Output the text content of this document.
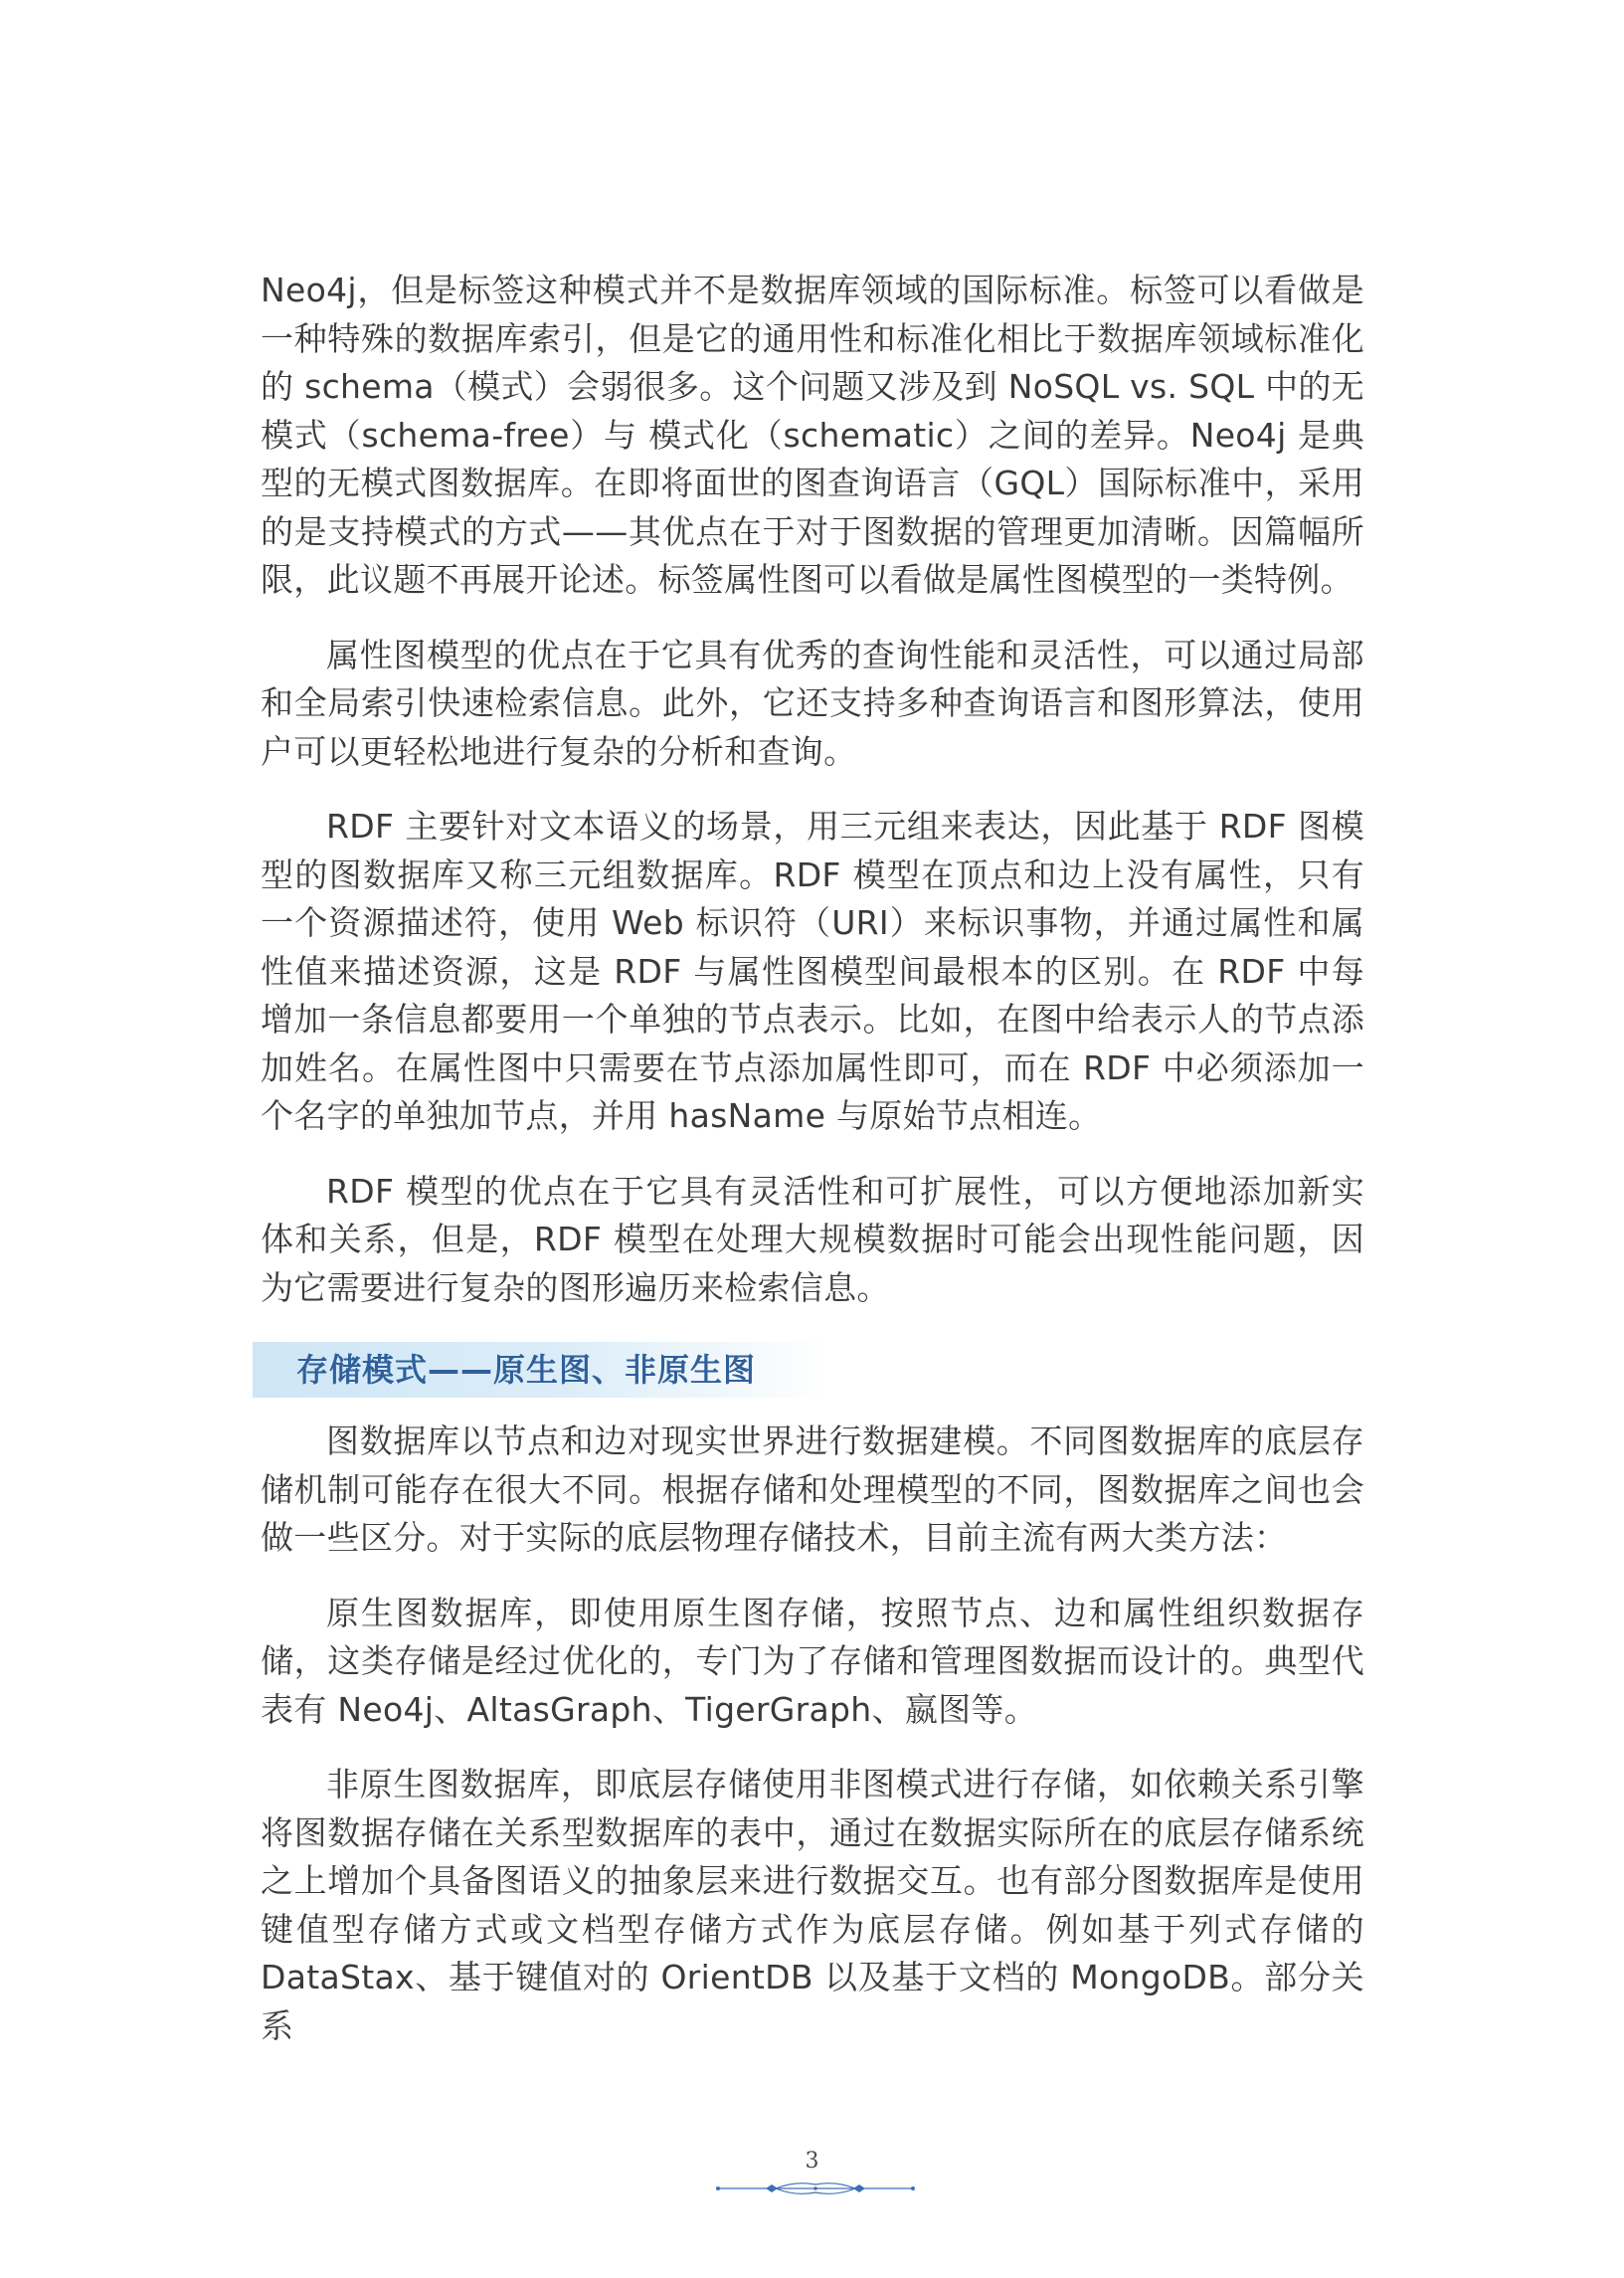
Neo4j，但是标签这种模式并不是数据库领域的国际标准。标签可以看做是一种特殊的数据库索引，但是它的通用性和标准化相比于数据库领域标准化的 schema（模式）会弱很多。这个问题又涉及到 NoSQL vs. SQL 中的无模式（schema-free）与 模式化（schematic）之间的差异。Neo4j 是典型的无模式图数据库。在即将面世的图查询语言（GQL）国际标准中，采用的是支持模式的方式——其优点在于对于图数据的管理更加清晰。因篇幅所限，此议题不再展开论述。标签属性图可以看做是属性图模型的一类特例。

属性图模型的优点在于它具有优秀的查询性能和灵活性，可以通过局部和全局索引快速检索信息。此外，它还支持多种查询语言和图形算法，使用户可以更轻松地进行复杂的分析和查询。

RDF 主要针对文本语义的场景，用三元组来表达，因此基于 RDF 图模型的图数据库又称三元组数据库。RDF 模型在顶点和边上没有属性，只有一个资源描述符，使用 Web 标识符（URI）来标识事物，并通过属性和属性值来描述资源，这是 RDF 与属性图模型间最根本的区别。在 RDF 中每增加一条信息都要用一个单独的节点表示。比如，在图中给表示人的节点添加姓名。在属性图中只需要在节点添加属性即可，而在 RDF 中必须添加一个名字的单独加节点，并用 hasName 与原始节点相连。

RDF 模型的优点在于它具有灵活性和可扩展性，可以方便地添加新实体和关系，但是，RDF 模型在处理大规模数据时可能会出现性能问题，因为它需要进行复杂的图形遍历来检索信息。

存储模式——原生图、非原生图

图数据库以节点和边对现实世界进行数据建模。不同图数据库的底层存储机制可能存在很大不同。根据存储和处理模型的不同，图数据库之间也会做一些区分。对于实际的底层物理存储技术，目前主流有两大类方法：

原生图数据库，即使用原生图存储，按照节点、边和属性组织数据存储，这类存储是经过优化的，专门为了存储和管理图数据而设计的。典型代表有 Neo4j、AltasGraph、TigerGraph、嬴图等。

非原生图数据库，即底层存储使用非图模式进行存储，如依赖关系引擎将图数据存储在关系型数据库的表中，通过在数据实际所在的底层存储系统之上增加个具备图语义的抽象层来进行数据交互。也有部分图数据库是使用键值型存储方式或文档型存储方式作为底层存储。例如基于列式存储的 DataStax、基于键值对的 OrientDB 以及基于文档的 MongoDB。部分关系

3
